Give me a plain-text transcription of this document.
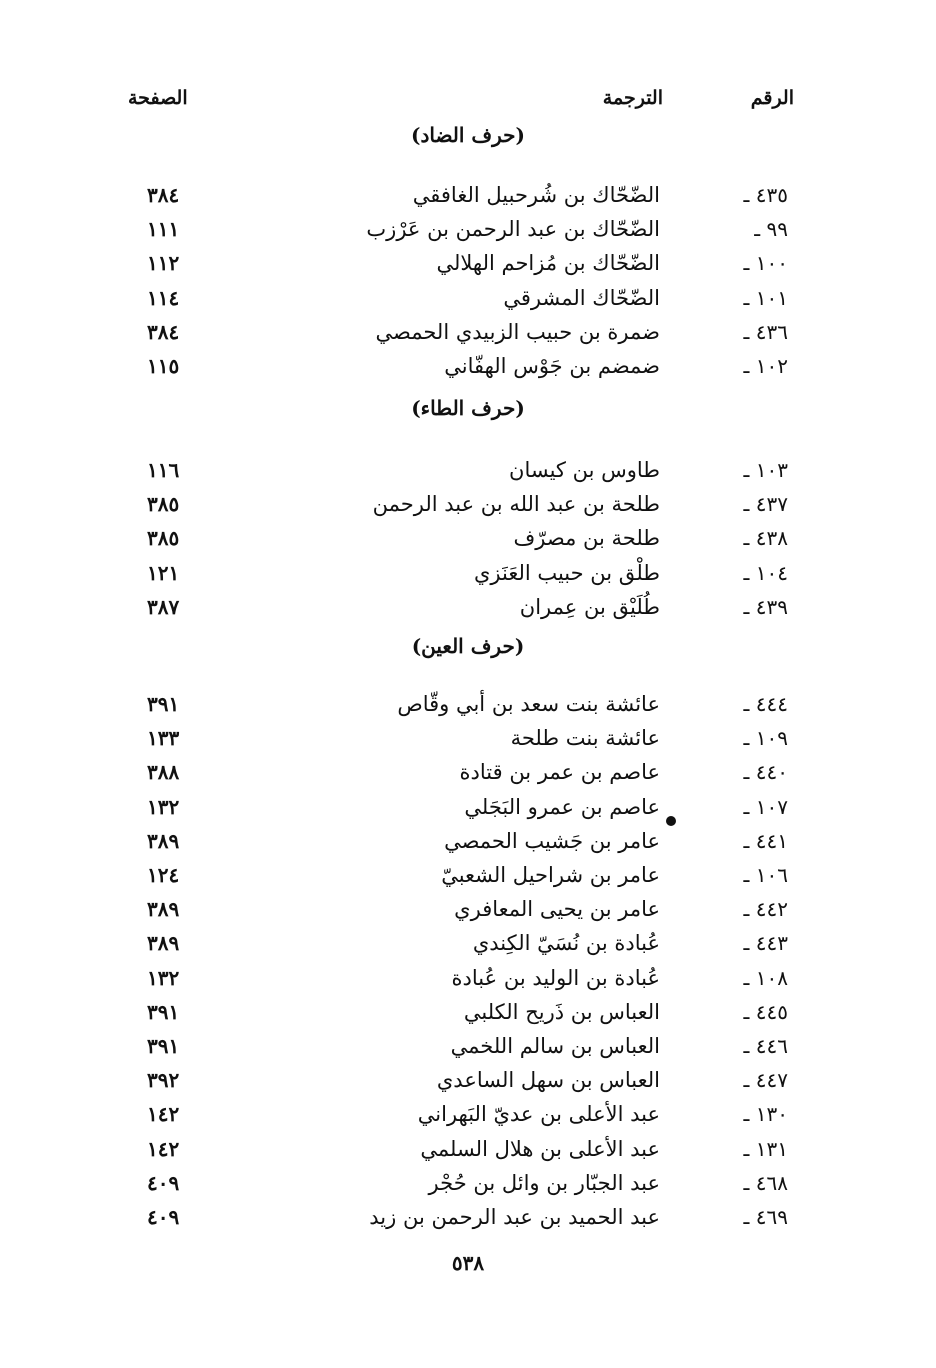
الرقم
الترجمة
الصفحة
(حرف الضاد)
٤٣٥ ـ
الضّحّاك بن شُرحبيل الغافقي
٣٨٤
٩٩ ـ
الضّحّاك بن عبد الرحمن بن عَرْزب
١١١
١٠٠ ـ
الضّحّاك بن مُزاحم الهلالي
١١٢
١٠١ ـ
الضّحّاك المشرقي
١١٤
٤٣٦ ـ
ضمرة بن حبيب الزبيدي الحمصي
٣٨٤
١٠٢ ـ
ضمضم بن جَوْس الهفّاني
١١٥
(حرف الطاء)
١٠٣ ـ
طاوس بن كيسان
١١٦
٤٣٧ ـ
طلحة بن عبد الله بن عبد الرحمن
٣٨٥
٤٣٨ ـ
طلحة بن مصرّف
٣٨٥
١٠٤ ـ
طلْق بن حبيب العَنَزي
١٢١
٤٣٩ ـ
طُلَيْق بن عِمران
٣٨٧
(حرف العين)
٤٤٤ ـ
عائشة بنت سعد بن أبي وقّاص
٣٩١
١٠٩ ـ
عائشة بنت طلحة
١٣٣
٤٤٠ ـ
عاصم بن عمر بن قتادة
٣٨٨
١٠٧ ـ
عاصم بن عمرو البَجَلي
١٣٢
٤٤١ ـ
عامر بن جَشيب الحمصي
٣٨٩
١٠٦ ـ
عامر بن شراحيل الشعبيّ
١٢٤
٤٤٢ ـ
عامر بن يحيى المعافري
٣٨٩
٤٤٣ ـ
عُبادة بن نُسَيّ الكِندي
٣٨٩
١٠٨ ـ
عُبادة بن الوليد بن عُبادة
١٣٢
٤٤٥ ـ
العباس بن ذَريح الكلبي
٣٩١
٤٤٦ ـ
العباس بن سالم اللخمي
٣٩١
٤٤٧ ـ
العباس بن سهل الساعدي
٣٩٢
١٣٠ ـ
عبد الأعلى بن عديّ البَهراني
١٤٢
١٣١ ـ
عبد الأعلى بن هلال السلمي
١٤٢
٤٦٨ ـ
عبد الجبّار بن وائل بن حُجْر
٤٠٩
٤٦٩ ـ
عبد الحميد بن عبد الرحمن بن زيد
٤٠٩
٥٣٨
